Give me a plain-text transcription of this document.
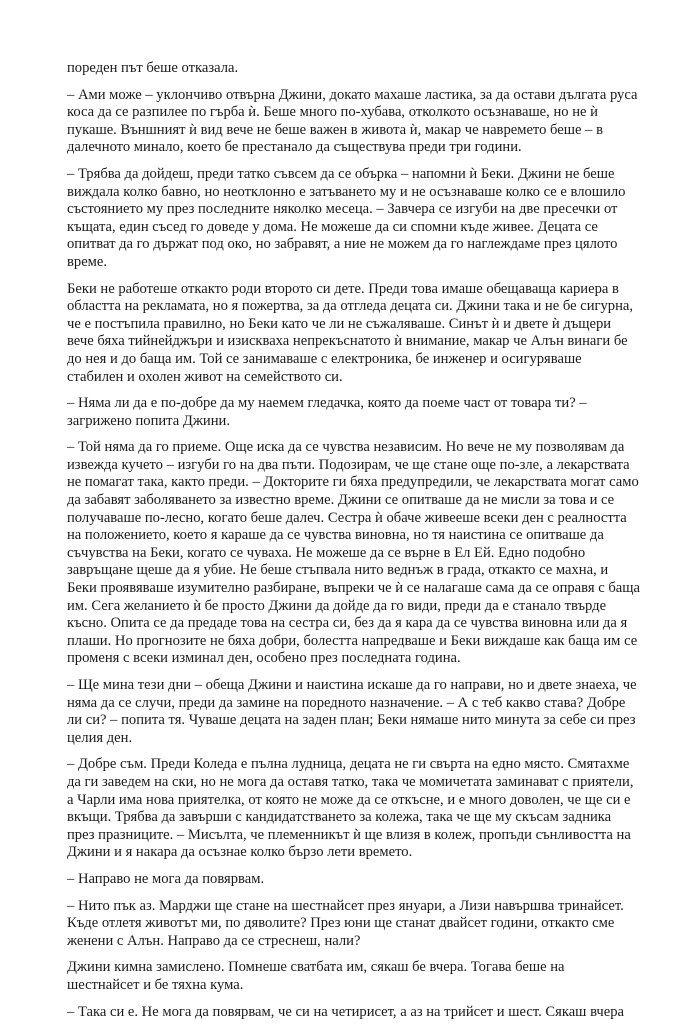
пореден път беше отказала.

– Ами може – уклончиво отвърна Джини, докато махаше ластика, за да остави дългата руса коса да се разпилее по гърба ѝ. Беше много по-хубава, отколкото осъзнаваше, но не ѝ пукаше. Външният ѝ вид вече не беше важен в живота ѝ, макар че навремето беше – в далечното минало, което бе престанало да съществува преди три години.

– Трябва да дойдеш, преди татко съвсем да се обърка – напомни ѝ Беки. Джини не беше виждала колко бавно, но неотклонно е затъването му и не осъзнаваше колко се е влошило състоянието му през последните няколко месеца. – Завчера се изгуби на две пресечки от къщата, един съсед го доведе у дома. Не можеше да си спомни къде живее. Децата се опитват да го държат под око, но забравят, а ние не можем да го наглеждаме през цялото време.

Беки не работеше откакто роди второто си дете. Преди това имаше обещаваща кариера в областта на рекламата, но я пожертва, за да отгледа децата си. Джини така и не бе сигурна, че е постъпила правилно, но Беки като че ли не съжаляваше. Синът ѝ и двете ѝ дъщери вече бяха тийнейджъри и изискваха непрекъснатото ѝ внимание, макар че Алън винаги бе до нея и до баща им. Той се занимаваше с електроника, бе инженер и осигуряваше стабилен и охолен живот на семейството си.

– Няма ли да е по-добре да му наемем гледачка, която да поеме част от товара ти? – загрижено попита Джини.

– Той няма да го приеме. Още иска да се чувства независим. Но вече не му позволявам да извежда кучето – изгуби го на два пъти. Подозирам, че ще стане още по-зле, а лекарствата не помагат така, както преди. – Докторите ги бяха предупредили, че лекарствата могат само да забавят заболяването за известно време. Джини се опитваше да не мисли за това и се получаваше по-лесно, когато беше далеч. Сестра ѝ обаче живееше всеки ден с реалността на положението, което я караше да се чувства виновна, но тя наистина се опитваше да съчувства на Беки, когато се чуваха. Не можеше да се върне в Ел Ей. Едно подобно завръщане щеше да я убие. Не беше стъпвала нито веднъж в града, откакто се махна, и Беки проявяваше изумително разбиране, въпреки че ѝ се налагаше сама да се оправя с баща им. Сега желанието ѝ бе просто Джини да дойде да го види, преди да е станало твърде късно. Опита се да предаде това на сестра си, без да я кара да се чувства виновна или да я плаши. Но прогнозите не бяха добри, болестта напредваше и Беки виждаше как баща им се променя с всеки изминал ден, особено през последната година.

– Ще мина тези дни – обеща Джини и наистина искаше да го направи, но и двете знаеха, че няма да се случи, преди да замине на поредното назначение. – А с теб какво става? Добре ли си? – попита тя. Чуваше децата на заден план; Беки нямаше нито минута за себе си през целия ден.

– Добре съм. Преди Коледа е пълна лудница, децата не ги свърта на едно място. Смятахме да ги заведем на ски, но не мога да оставя татко, така че момичетата заминават с приятели, а Чарли има нова приятелка, от която не може да се откъсне, и е много доволен, че ще си е вкъщи. Трябва да завърши с кандидатстването за колежа, така че ще му скъсам задника през празниците. – Мисълта, че племенникът ѝ ще влизя в колеж, пропъди сънливостта на Джини и я накара да осъзнае колко бързо лети времето.

– Направо не мога да повярвам.

– Нито пък аз. Марджи ще стане на шестнайсет през януари, а Лизи навършва тринайсет. Къде отлетя животът ми, по дяволите? През юни ще станат двайсет години, откакто сме женени с Алън. Направо да се стреснеш, нали?

Джини кимна замислено. Помнеше сватбата им, сякаш бе вчера. Тогава беше на шестнайсет и бе тяхна кума.

– Така си е. Не мога да повярвам, че си на четирисет, а аз на трийсет и шест. Сякаш вчера
